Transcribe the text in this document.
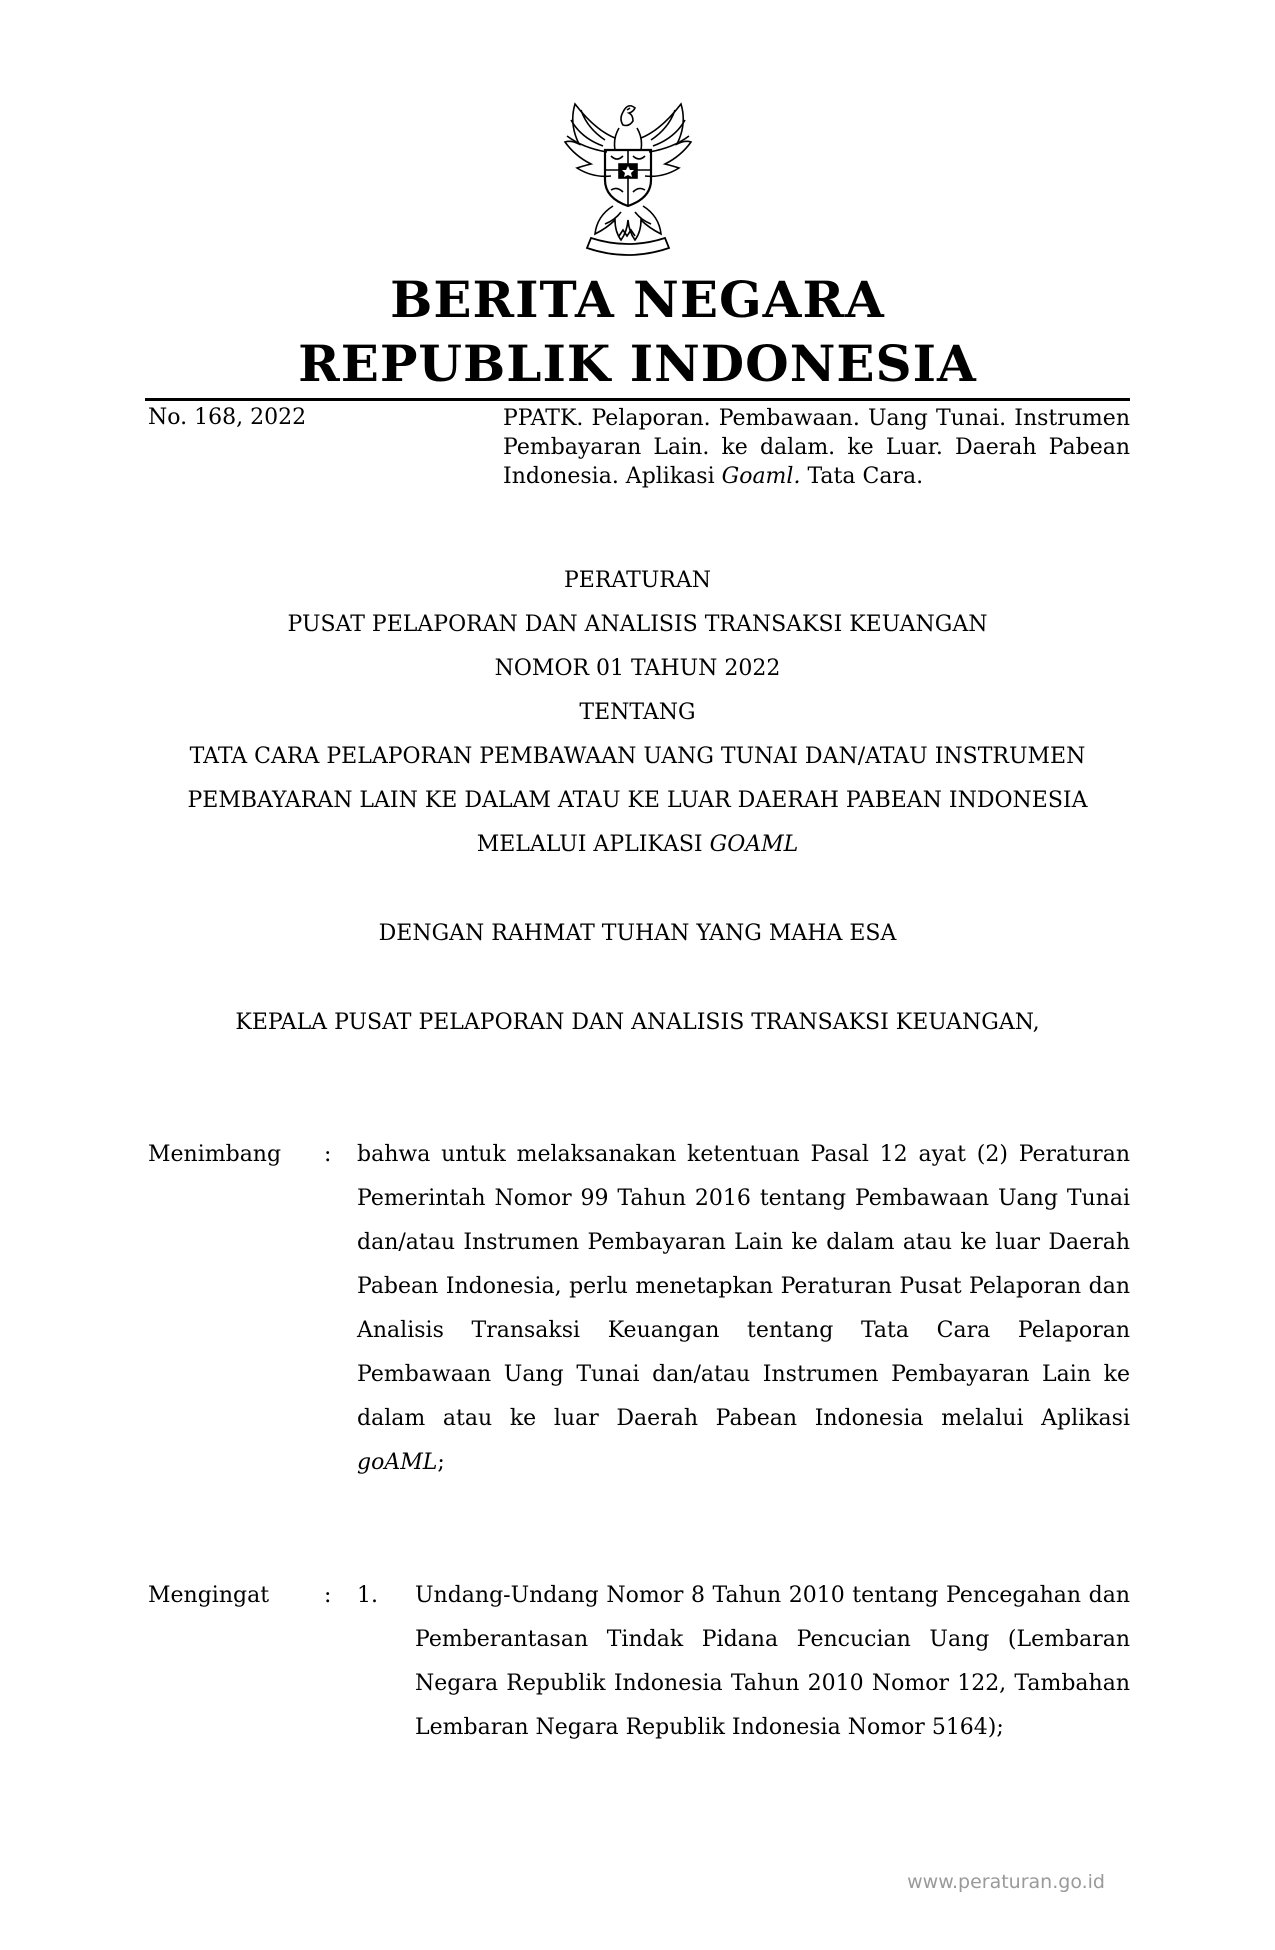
BERITA NEGARA
REPUBLIK INDONESIA
No. 168, 2022	PPATK. Pelaporan. Pembawaan. Uang Tunai. Instrumen Pembayaran Lain. ke dalam. ke Luar. Daerah Pabean Indonesia. Aplikasi Goaml. Tata Cara.
PERATURAN
PUSAT PELAPORAN DAN ANALISIS TRANSAKSI KEUANGAN
NOMOR 01 TAHUN 2022
TENTANG
TATA CARA PELAPORAN PEMBAWAAN UANG TUNAI DAN/ATAU INSTRUMEN
PEMBAYARAN LAIN KE DALAM ATAU KE LUAR DAERAH PABEAN INDONESIA
MELALUI APLIKASI GOAML
DENGAN RAHMAT TUHAN YANG MAHA ESA
KEPALA PUSAT PELAPORAN DAN ANALISIS TRANSAKSI KEUANGAN,
Menimbang : bahwa untuk melaksanakan ketentuan Pasal 12 ayat (2) Peraturan Pemerintah Nomor 99 Tahun 2016 tentang Pembawaan Uang Tunai dan/atau Instrumen Pembayaran Lain ke dalam atau ke luar Daerah Pabean Indonesia, perlu menetapkan Peraturan Pusat Pelaporan dan Analisis Transaksi Keuangan tentang Tata Cara Pelaporan Pembawaan Uang Tunai dan/atau Instrumen Pembayaran Lain ke dalam atau ke luar Daerah Pabean Indonesia melalui Aplikasi goAML;
Mengingat : 1. Undang-Undang Nomor 8 Tahun 2010 tentang Pencegahan dan Pemberantasan Tindak Pidana Pencucian Uang (Lembaran Negara Republik Indonesia Tahun 2010 Nomor 122, Tambahan Lembaran Negara Republik Indonesia Nomor 5164);
www.peraturan.go.id
